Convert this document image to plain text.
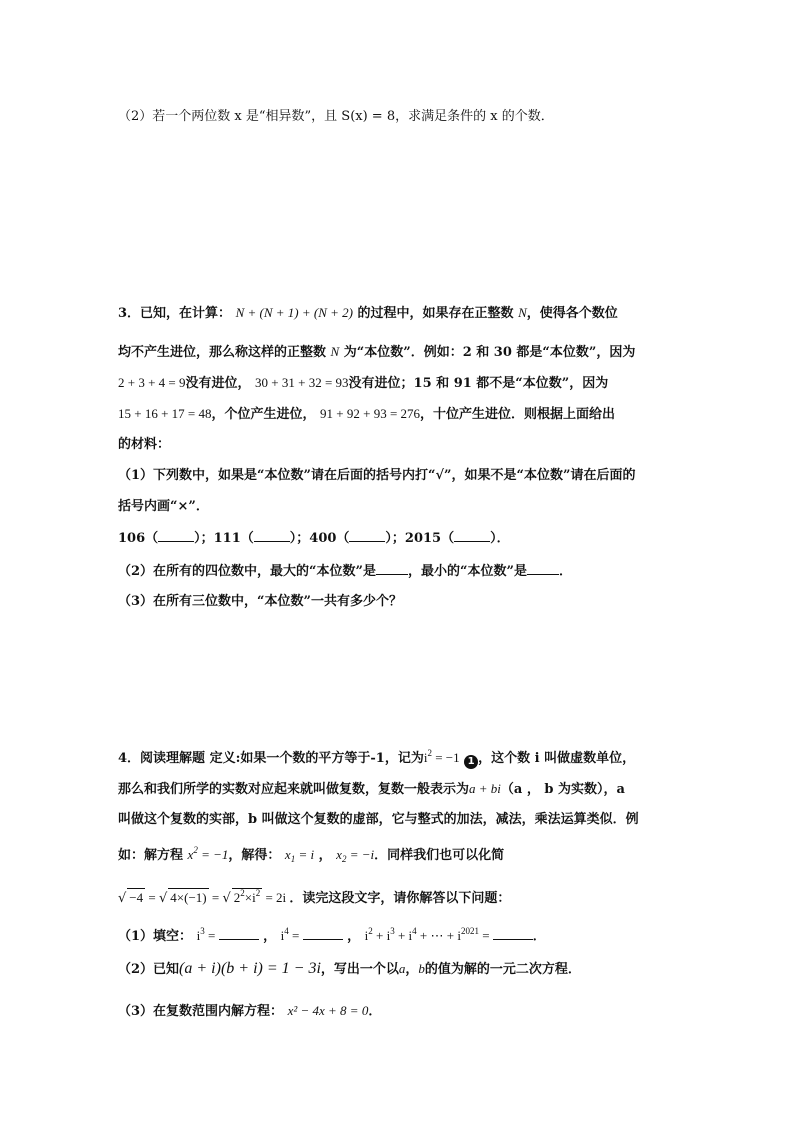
（2）若一个两位数 x 是“相异数”，且 S(x) = 8，求满足条件的 x 的个数．
3．已知，在计算： N + (N + 1) + (N + 2) 的过程中，如果存在正整数 N，使得各个数位
均不产生进位，那么称这样的正整数 N 为“本位数”．例如：2 和 30 都是“本位数”，因为
2 + 3 + 4 = 9没有进位， 30 + 31 + 32 = 93没有进位；15 和 91 都不是“本位数”，因为
15 + 16 + 17 = 48，个位产生进位， 91 + 92 + 93 = 276，十位产生进位．则根据上面给出
的材料：
（1）下列数中，如果是“本位数”请在后面的括号内打“√”，如果不是“本位数”请在后面的
括号内画“×”．
106（	）；111（	）；400（	）；2015（	）．
（2）在所有的四位数中，最大的“本位数”是 ，最小的“本位数”是 ．
（3）在所有三位数中，“本位数”一共有多少个？
4．阅读理解题 定义:如果一个数的平方等于-1，记为$i^2 = -1$ 1 ，这个数 i 叫做虚数单位，
那么和我们所学的实数对应起来就叫做复数，复数一般表示为a + bi（a ， b 为实数），a
叫做这个复数的实部，b 叫做这个复数的虚部，它与整式的加法，减法，乘法运算类似．例
如：解方程 $x^2 = -1$，解得： $x_1 = i$ ， $x_2 = -i$．同样我们也可以化简
√ −4 = √ 4×(−1) = √ $2^2\times i^2 = 2i$ ．读完这段文字，请你解答以下问题：
（1）填空： $i^3$ =	， $i^4$ =	， $i^2 + i^3 + i^4$ + ⋯ + $i^{2021}$ =	．
（2）已知(a + i)(b + i) = 1 − 3i，写出一个以a，b的值为解的一元二次方程．
（3）在复数范围内解方程： x² − 4x + 8 = 0．
